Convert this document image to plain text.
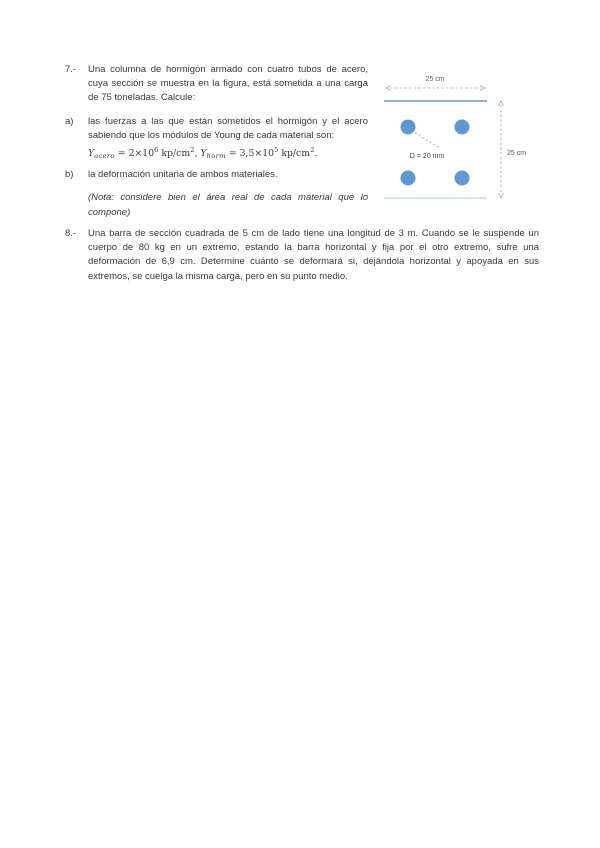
7.-	Una columna de hormigón armado con cuatro tubos de acero, cuya sección se muestra en la figura, está sometida a una carga de 75 toneladas. Calcule:
a)	las fuerzas a las que están sometidos el hormigón y el acero sabiendo que los módulos de Young de cada material son:
$Y_{acero} = 2\times 10^6$ $kp/cm^2$, $Y_{horm} = 3,5\times 10^5$ $kp/cm^2$.
b)	la deformación unitaria de ambos materiales.
(Nota: considere bien el área real de cada material que lo compone)
25 cm
D = 20 mm	25 cm
8.-	Una barra de sección cuadrada de 5 cm de lado tiene una longitud de 3 m. Cuando se le suspende un cuerpo de 80 kg en un extremo, estando la barra horizontal y fija por el otro extremo, sufre una deformación de 6,9 cm. Determine cuánto se deformará si, dejándola horizontal y apoyada en sus extremos, se cuelga la misma carga, pero en su punto medio.
